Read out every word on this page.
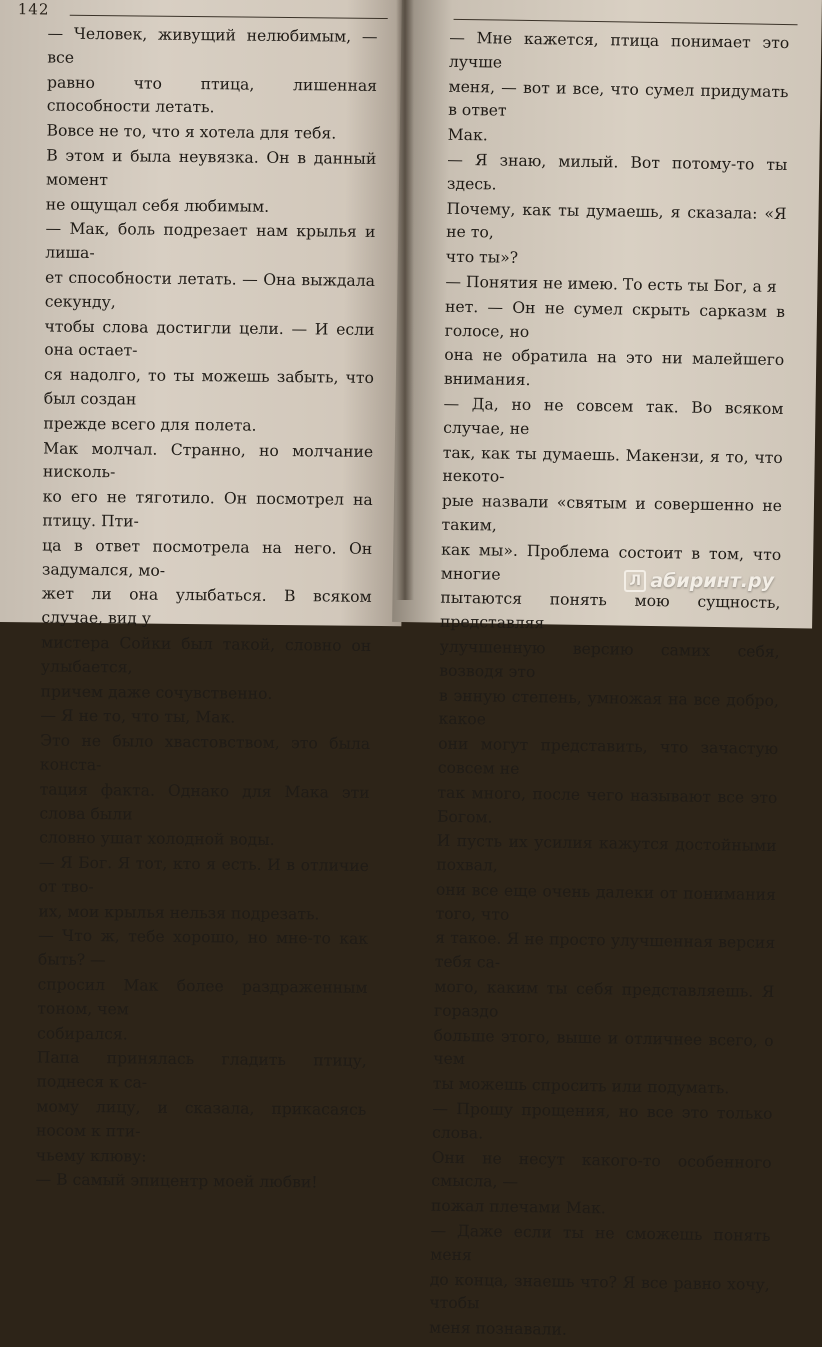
142
— Человек, живущий нелюбимым, — все
равно что птица, лишенная способности летать.
Вовсе не то, что я хотела для тебя.
В этом и была неувязка. Он в данный момент
не ощущал себя любимым.
— Мак, боль подрезает нам крылья и лиша-
ет способности летать. — Она выждала секунду,
чтобы слова достигли цели. — И если она остает-
ся надолго, то ты можешь забыть, что был создан
прежде всего для полета.
Мак молчал. Странно, но молчание нисколь-
ко его не тяготило. Он посмотрел на птицу. Пти-
ца в ответ посмотрела на него. Он задумался, мо-
жет ли она улыбаться. В всяком случае, вид у
мистера Сойки был такой, словно он улыбается,
причем даже сочувственно.
— Я не то, что ты, Мак.
Это не было хвастовством, это была конста-
тация факта. Однако для Мака эти слова были
словно ушат холодной воды.
— Я Бог. Я тот, кто я есть. И в отличие от тво-
их, мои крылья нельзя подрезать.
— Что ж, тебе хорошо, но мне-то как быть? —
спросил Мак более раздраженным тоном, чем
собирался.
Папа принялась гладить птицу, поднеся к са-
мому лицу, и сказала, прикасаясь носом к пти-
чьему клюву:
— В самый эпицентр моей любви!
— Мне кажется, птица понимает это лучше
меня, — вот и все, что сумел придумать в ответ
Мак.
— Я знаю, милый. Вот потому-то ты здесь.
Почему, как ты думаешь, я сказала: «Я не то,
что ты»?
— Понятия не имею. То есть ты Бог, а я
нет. — Он не сумел скрыть сарказм в голосе, но
она не обратила на это ни малейшего внимания.
— Да, но не совсем так. Во всяком случае, не
так, как ты думаешь. Макензи, я то, что некото-
рые назвали «святым и совершенно не таким,
как мы». Проблема состоит в том, что многие
пытаются понять мою сущность, представляя
улучшенную версию самих себя, возводя это
в энную степень, умножая на все добро, какое
они могут представить, что зачастую совсем не
так много, после чего называют все это Богом.
И пусть их усилия кажутся достойными похвал,
они все еще очень далеки от понимания того, что
я такое. Я не просто улучшенная версия тебя са-
мого, каким ты себя представляешь. Я гораздо
больше этого, выше и отличнее всего, о чем
ты можешь спросить или подумать.
— Прошу прощения, но все это только слова.
Они не несут какого-то особенного смысла, —
пожал плечами Мак.
— Даже если ты не сможешь понять меня
до конца, знаешь что? Я все равно хочу, чтобы
меня познавали.
Л абиринт.ру
